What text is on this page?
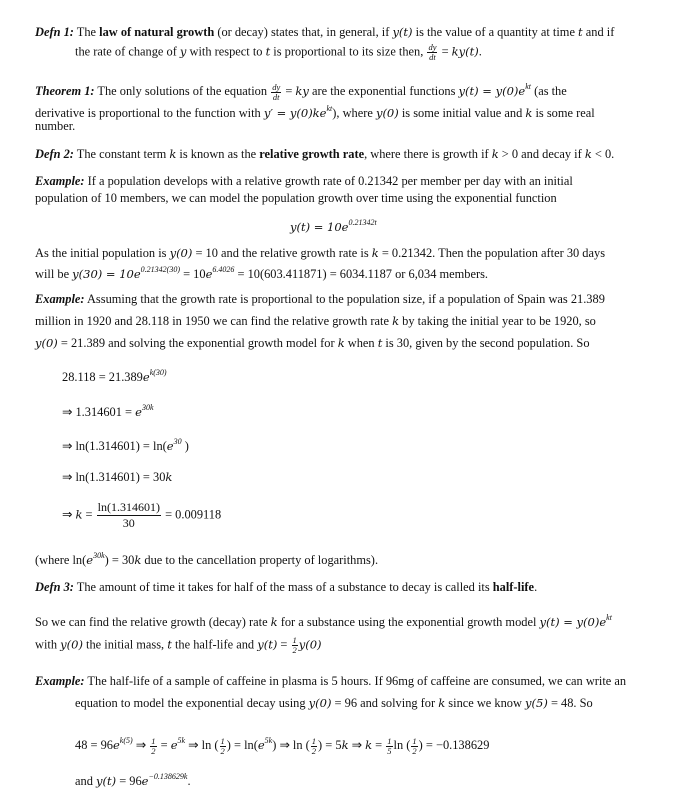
Defn 1: The law of natural growth (or decay) states that, in general, if y(t) is the value of a quantity at time t and if
the rate of change of y with respect to t is proportional to its size then, $\frac{dy}{dt} = ky(t)$.
Theorem 1: The only solutions of the equation $\frac{dy}{dt}$ = ky are the exponential functions $y(t) = y(0)e^{kt}$ (as the
derivative is proportional to the function with $y' = y(0)ke^{kt}$), where y(0) is some initial value and k is some real
number.
Defn 2: The constant term k is known as the relative growth rate, where there is growth if k > 0 and decay if k < 0.
Example: If a population develops with a relative growth rate of 0.21342 per member per day with an initial
population of 10 members, we can model the population growth over time using the exponential function
$y(t) = 10e^{0.21342t}$
As the initial population is y(0) = 10 and the relative growth rate is k = 0.21342. Then the population after 30 days
will be $y(30) = 10e^{0.21342(30)} = 10e^{6.4026} = 10(603.411871) = 6034.1187$ or 6,034 members.
Example: Assuming that the growth rate is proportional to the population size, if a population of Spain was 21.389
million in 1920 and 28.118 in 1950 we can find the relative growth rate k by taking the initial year to be 1920, so
y(0) = 21.389 and solving the exponential growth model for k when t is 30, given by the second population. So
$28.118 = 21.389e^{k(30)}$
⇒ $1.314601 = e^{30k}$
⇒ $\ln(1.314601) = \ln(e^{30}$ )
⇒ ln(1.314601) = 30k
⇒ $k = \frac{\ln(1.314601)}{30} = 0.009118$
(where $\ln(e^{30k}) = 30k$ due to the cancellation property of logarithms).
Defn 3: The amount of time it takes for half of the mass of a substance to decay is called its half-life.
So we can find the relative growth (decay) rate k for a substance using the exponential growth model $y(t) = y(0)e^{kt}$
with y(0) the initial mass, t the half-life and $y(t) = \frac{1}{2} y(0)$
Example: The half-life of a sample of caffeine in plasma is 5 hours. If 96mg of caffeine are consumed, we can write an
equation to model the exponential decay using y(0) = 96 and solving for k since we know y(5) = 48. So
$48 = 96e^{k(5)}$ ⇒ $\frac{1}{2} = e^{5k}$ ⇒ ln ( $\frac{1}{2}$ ) = $\ln(e^{5k})$ ⇒ ln ( $\frac{1}{2}$ ) = 5k ⇒ $k = \frac{1}{5}$ ln ( $\frac{1}{2}$ ) = −0.138629
and $y(t) = 96e^{-0.138629k}$.
